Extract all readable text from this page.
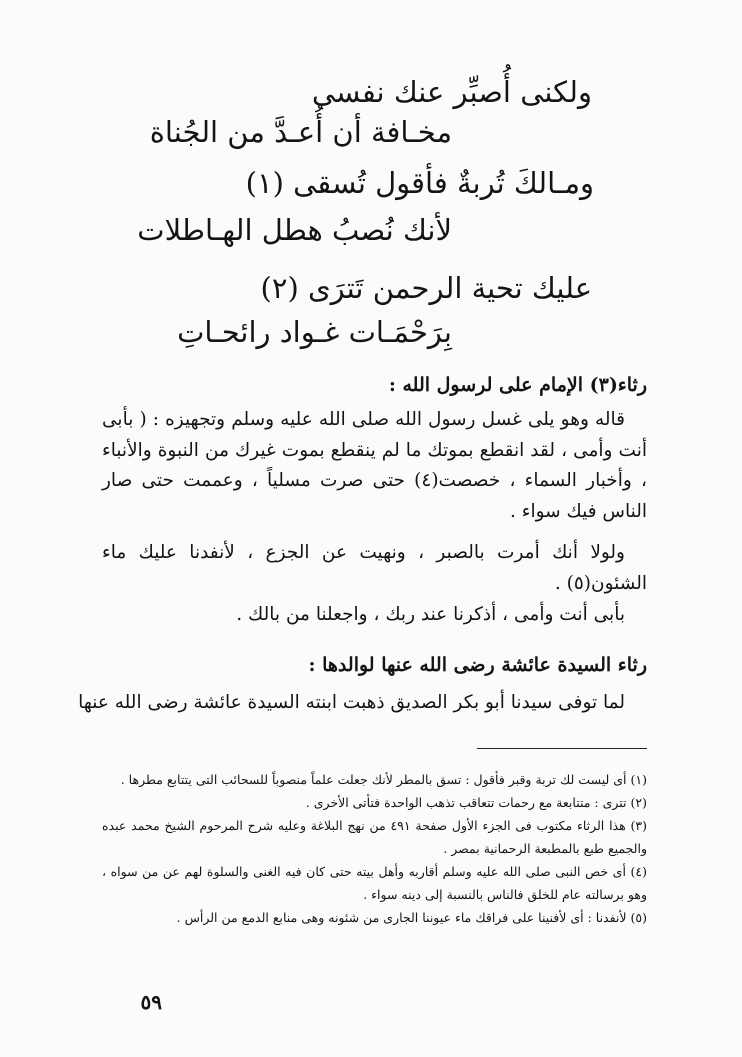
ولكنى أُصبِّر عنك نفسى
مخـافة أن أُعـدَّ من الجُناة
ومـالكَ تُربةٌ فأقول تُسقى (١)
لأنك نُصبُ هطل الهـاطلات
عليك تحية الرحمن تَترَى (٢)
بِرَحْمَـات غـواد رائحـاتِ
رثاء(٣) الإمام على لرسول الله :
قاله وهو يلى غسل رسول الله صلى الله عليه وسلم وتجهيزه : ( بأبى أنت وأمى ، لقد انقطع بموتك ما لم ينقطع بموت غيرك من النبوة والأنباء ، وأخبار السماء ، خصصت(٤) حتى صرت مسلياً ، وعممت حتى صار الناس فيك سواء .
ولولا أنك أمرت بالصبر ، ونهيت عن الجزع ، لأنفدنا عليك ماء الشئون(٥) .
بأبى أنت وأمى ، أذكرنا عند ربك ، واجعلنا من بالك .
رثاء السيدة عائشة رضى الله عنها لوالدها :
لما توفى سيدنا أبو بكر الصديق ذهبت ابنته السيدة عائشة رضى الله عنها

(١) أى ليست لك تربة وقبر فأقول : تسق بالمطر لأنك جعلت علماً منصوباً للسحائب التى يتتابع مطرها .

(٢) تترى : متتابعة مع رحمات تتعاقب تذهب الواحدة فتأتى الأخرى .

(٣) هذا الرثاء مكتوب فى الجزء الأول صفحة ٤٩١ من نهج البلاغة وعليه شرح المرحوم الشيخ محمد عبده والجميع طبع بالمطبعة الرحمانية بمصر .

(٤) أى خص النبى صلى الله عليه وسلم أقاربه وأهل بيته حتى كان فيه الغنى والسلوة لهم عن من سواه ، وهو برسالته عام للخلق فالناس بالنسبة إلى دينه سواء .

(٥) لأنفدنا : أى لأفنينا على فراقك ماء عيوننا الجارى من شئونه وهى منابع الدمع من الرأس .

٥٩
